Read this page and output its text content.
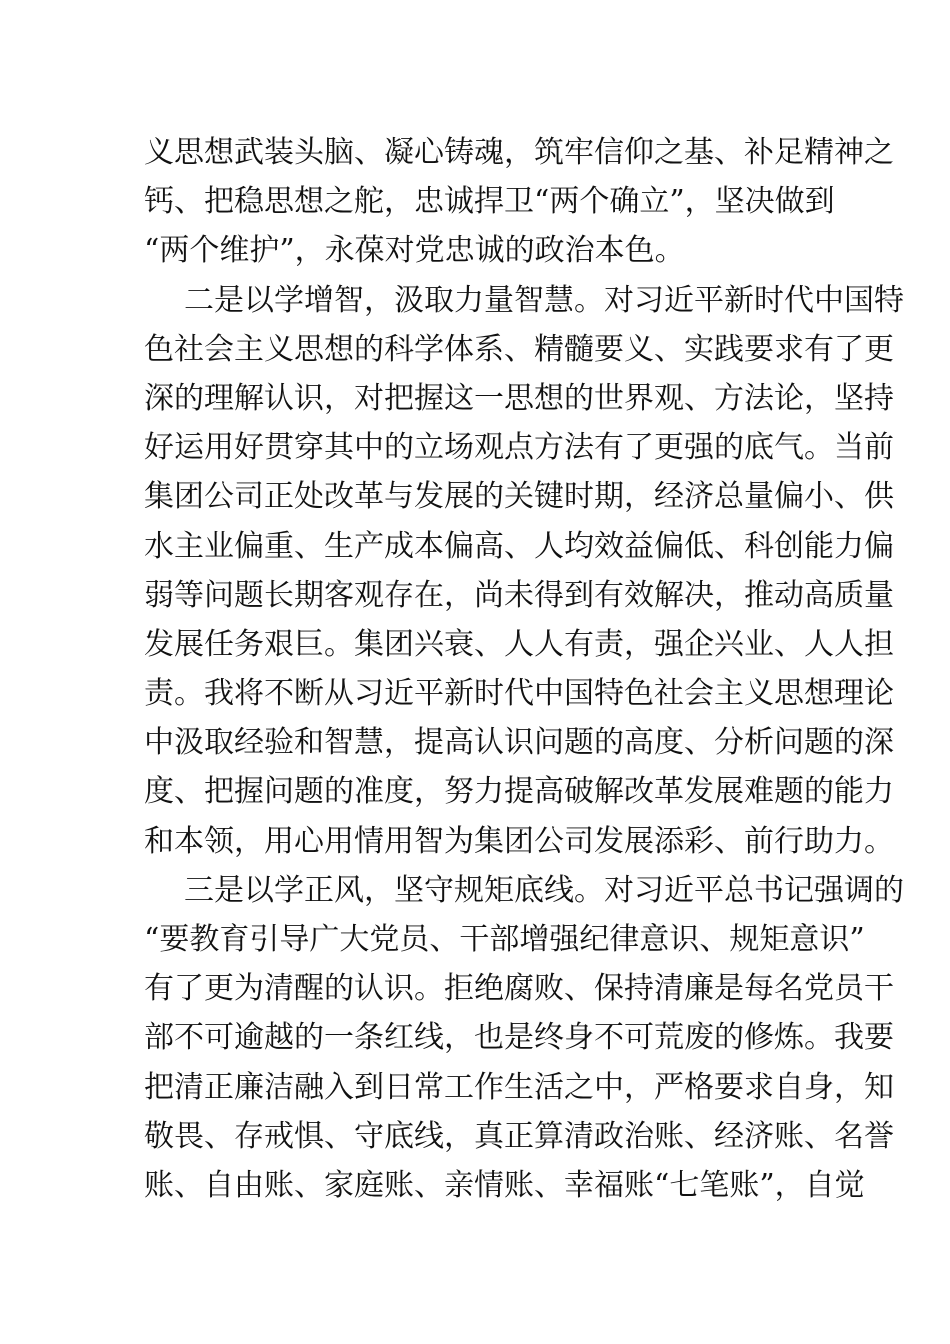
义思想武装头脑、凝心铸魂，筑牢信仰之基、补足精神之
钙、把稳思想之舵，忠诚捍卫“两个确立”，坚决做到
“两个维护”，永葆对党忠诚的政治本色。
二是以学增智，汲取力量智慧。对习近平新时代中国特
色社会主义思想的科学体系、精髓要义、实践要求有了更
深的理解认识，对把握这一思想的世界观、方法论，坚持
好运用好贯穿其中的立场观点方法有了更强的底气。当前
集团公司正处改革与发展的关键时期，经济总量偏小、供
水主业偏重、生产成本偏高、人均效益偏低、科创能力偏
弱等问题长期客观存在，尚未得到有效解决，推动高质量
发展任务艰巨。集团兴衰、人人有责，强企兴业、人人担
责。我将不断从习近平新时代中国特色社会主义思想理论
中汲取经验和智慧，提高认识问题的高度、分析问题的深
度、把握问题的准度，努力提高破解改革发展难题的能力
和本领，用心用情用智为集团公司发展添彩、前行助力。
三是以学正风，坚守规矩底线。对习近平总书记强调的
“要教育引导广大党员、干部增强纪律意识、规矩意识”
有了更为清醒的认识。拒绝腐败、保持清廉是每名党员干
部不可逾越的一条红线，也是终身不可荒废的修炼。我要
把清正廉洁融入到日常工作生活之中，严格要求自身，知
敬畏、存戒惧、守底线，真正算清政治账、经济账、名誉
账、自由账、家庭账、亲情账、幸福账“七笔账”，自觉
